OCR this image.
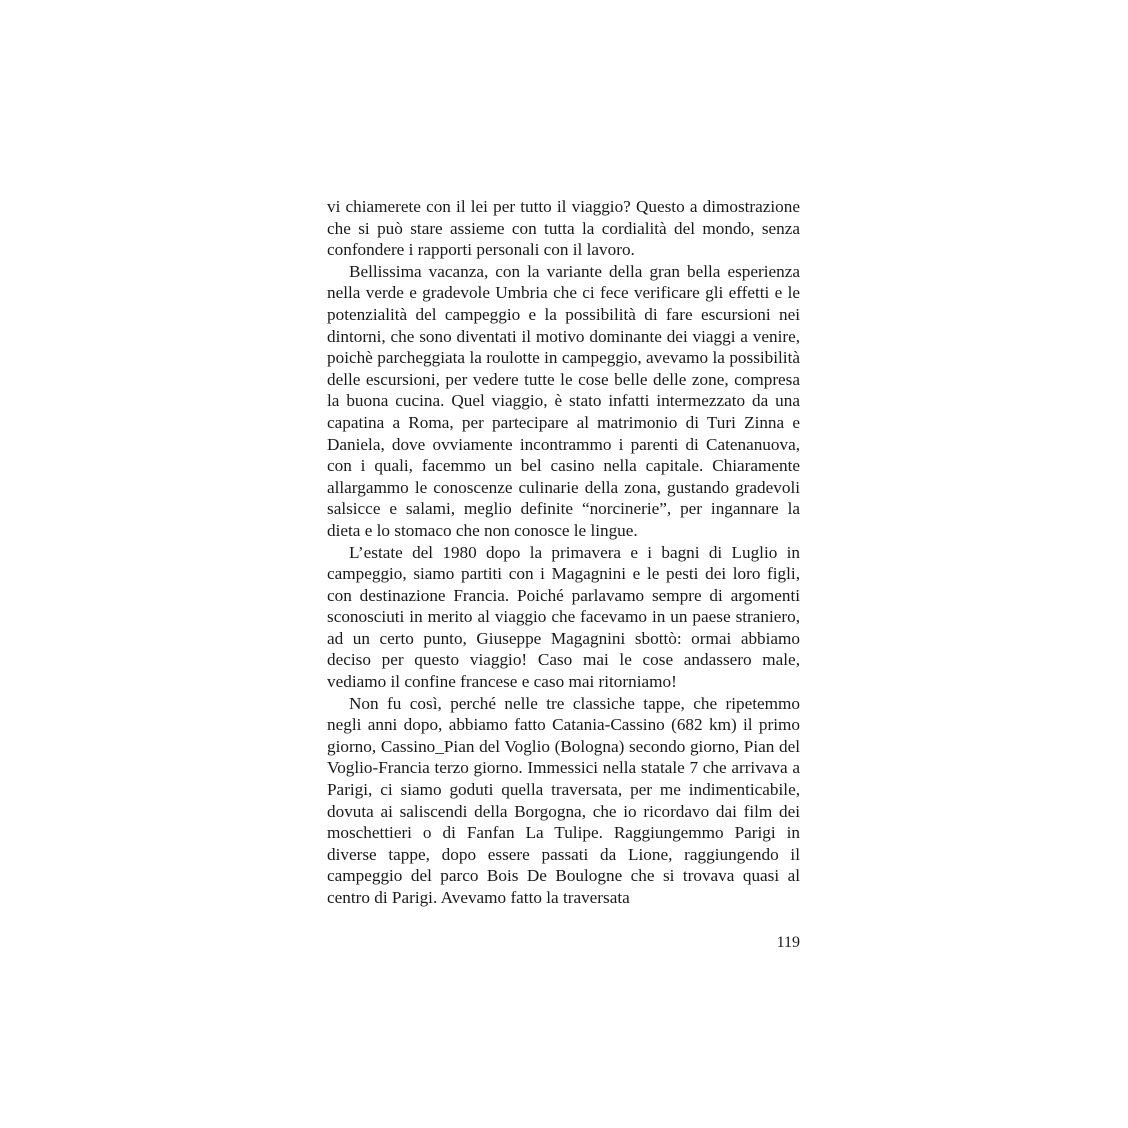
vi chiamerete con il lei per tutto il viaggio? Questo a dimostrazione che si può stare assieme con tutta la cordialità del mondo, senza confondere i rapporti personali con il lavoro.

Bellissima vacanza, con la variante della gran bella esperienza nella verde e gradevole Umbria che ci fece verificare gli effetti e le potenzialità del campeggio e la possibilità di fare escursioni nei dintorni, che sono diventati il motivo dominante dei viaggi a venire, poichè parcheggiata la roulotte in campeggio, avevamo la possibilità delle escursioni, per vedere tutte le cose belle delle zone, compresa la buona cucina. Quel viaggio, è stato infatti intermezzato da una capatina a Roma, per partecipare al matrimonio di Turi Zinna e Daniela, dove ovviamente incontrammo i parenti di Catenanuova, con i quali, facemmo un bel casino nella capitale. Chiaramente allargammo le conoscenze culinarie della zona, gustando gradevoli salsicce e salami, meglio definite “norcinerie”, per ingannare la dieta e lo stomaco che non conosce le lingue.

L’estate del 1980 dopo la primavera e i bagni di Luglio in campeggio, siamo partiti con i Magagnini e le pesti dei loro figli, con destinazione Francia. Poiché parlavamo sempre di argomenti sconosciuti in merito al viaggio che facevamo in un paese straniero, ad un certo punto, Giuseppe Magagnini sbottò: ormai abbiamo deciso per questo viaggio! Caso mai le cose andassero male, vediamo il confine francese e caso mai ritorniamo!

Non fu così, perché nelle tre classiche tappe, che ripetemmo negli anni dopo, abbiamo fatto Catania-Cassino (682 km) il primo giorno, Cassino_Pian del Voglio (Bologna) secondo giorno, Pian del Voglio-Francia terzo giorno. Immessici nella statale 7 che arrivava a Parigi, ci siamo goduti quella traversata, per me indimenticabile, dovuta ai saliscendi della Borgogna, che io ricordavo dai film dei moschettieri o di Fanfan La Tulipe. Raggiungemmo Parigi in diverse tappe, dopo essere passati da Lione, raggiungendo il campeggio del parco Bois De Boulogne che si trovava quasi al centro di Parigi. Avevamo fatto la traversata

119
